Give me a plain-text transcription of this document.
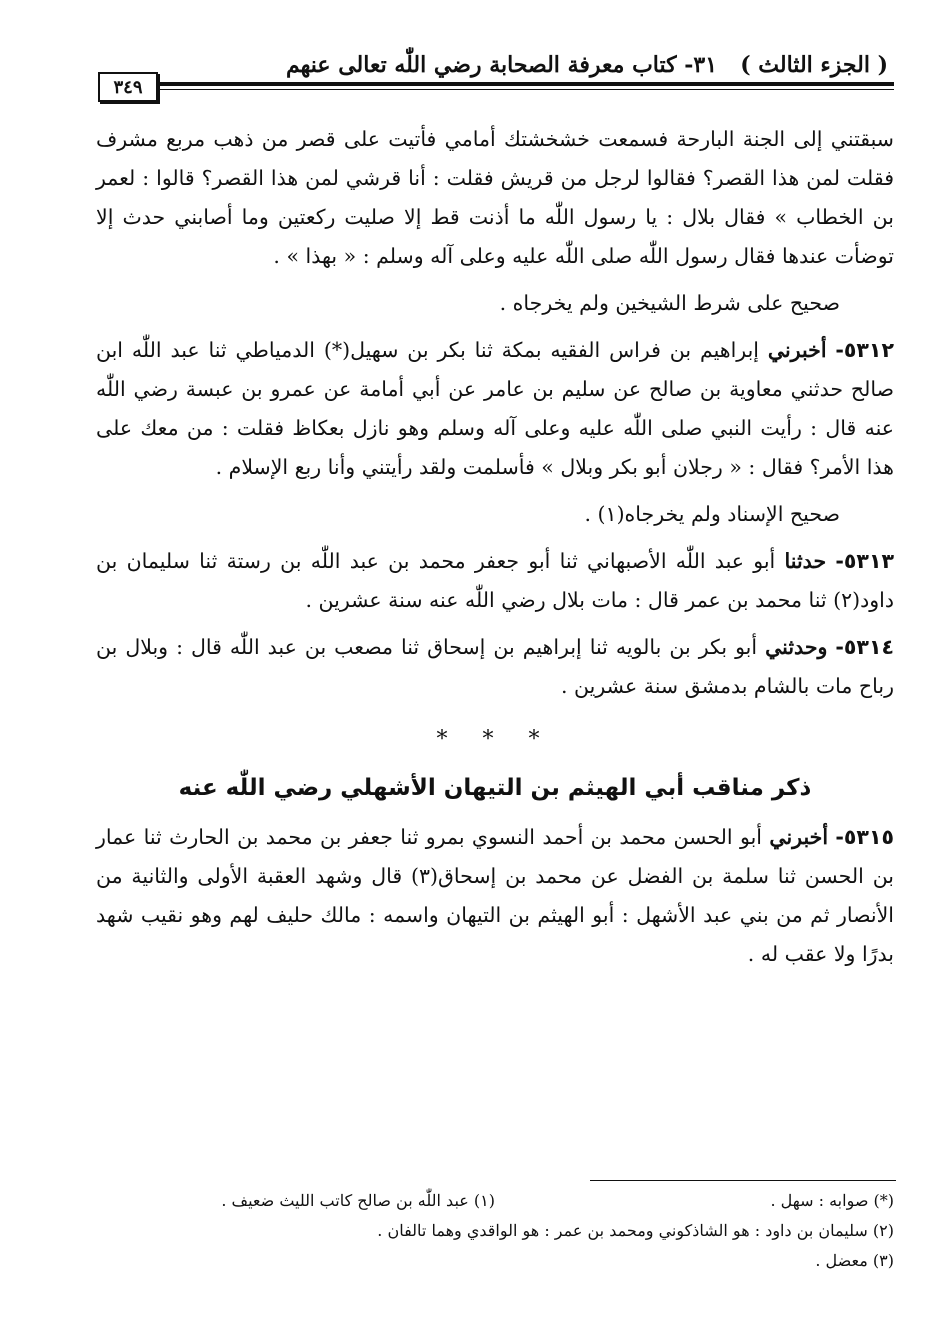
( الجزء الثالث )
٣١- كتاب معرفة الصحابة رضي اللّٰه تعالى عنهم
٣٤٩

سبقتني إلى الجنة البارحة فسمعت خشخشتك أمامي فأتيت على قصر من ذهب مربع مشرف فقلت لمن هذا القصر؟ فقالوا لرجل من قريش فقلت : أنا قرشي لمن هذا القصر؟ قالوا : لعمر بن الخطاب » فقال بلال : يا رسول اللّٰه ما أذنت قط إلا صليت ركعتين وما أصابني حدث إلا توضأت عندها فقال رسول اللّٰه صلى اللّٰه عليه وعلى آله وسلم : « بهذا » .

صحيح على شرط الشيخين ولم يخرجاه .

٥٣١٢- أخبرني إبراهيم بن فراس الفقيه بمكة ثنا بكر بن سهيل(*) الدمياطي ثنا عبد اللّٰه ابن صالح حدثني معاوية بن صالح عن سليم بن عامر عن أبي أمامة عن عمرو بن عبسة رضي اللّٰه عنه قال : رأيت النبي صلى اللّٰه عليه وعلى آله وسلم وهو نازل بعكاظ فقلت : من معك على هذا الأمر؟ فقال : « رجلان أبو بكر وبلال » فأسلمت ولقد رأيتني وأنا ربع الإسلام .

صحيح الإسناد ولم يخرجاه(١) .

٥٣١٣- حدثنا أبو عبد اللّٰه الأصبهاني ثنا أبو جعفر محمد بن عبد اللّٰه بن رستة ثنا سليمان بن داود(٢) ثنا محمد بن عمر قال : مات بلال رضي اللّٰه عنه سنة عشرين .

٥٣١٤- وحدثني أبو بكر بن بالويه ثنا إبراهيم بن إسحاق ثنا مصعب بن عبد اللّٰه قال : وبلال بن رباح مات بالشام بدمشق سنة عشرين .

* * *

ذكر مناقب أبي الهيثم بن التيهان الأشهلي رضي اللّٰه عنه

٥٣١٥- أخبرني أبو الحسن محمد بن أحمد النسوي بمرو ثنا جعفر بن محمد بن الحارث ثنا عمار بن الحسن ثنا سلمة بن الفضل عن محمد بن إسحاق(٣) قال وشهد العقبة الأولى والثانية من الأنصار ثم من بني عبد الأشهل : أبو الهيثم بن التيهان واسمه : مالك حليف لهم وهو نقيب شهد بدرًا ولا عقب له .

(*) صوابه : سهل .
(١) عبد اللّٰه بن صالح كاتب الليث ضعيف .
(٢) سليمان بن داود : هو الشاذكوني ومحمد بن عمر : هو الواقدي وهما تالفان .
(٣) معضل .
